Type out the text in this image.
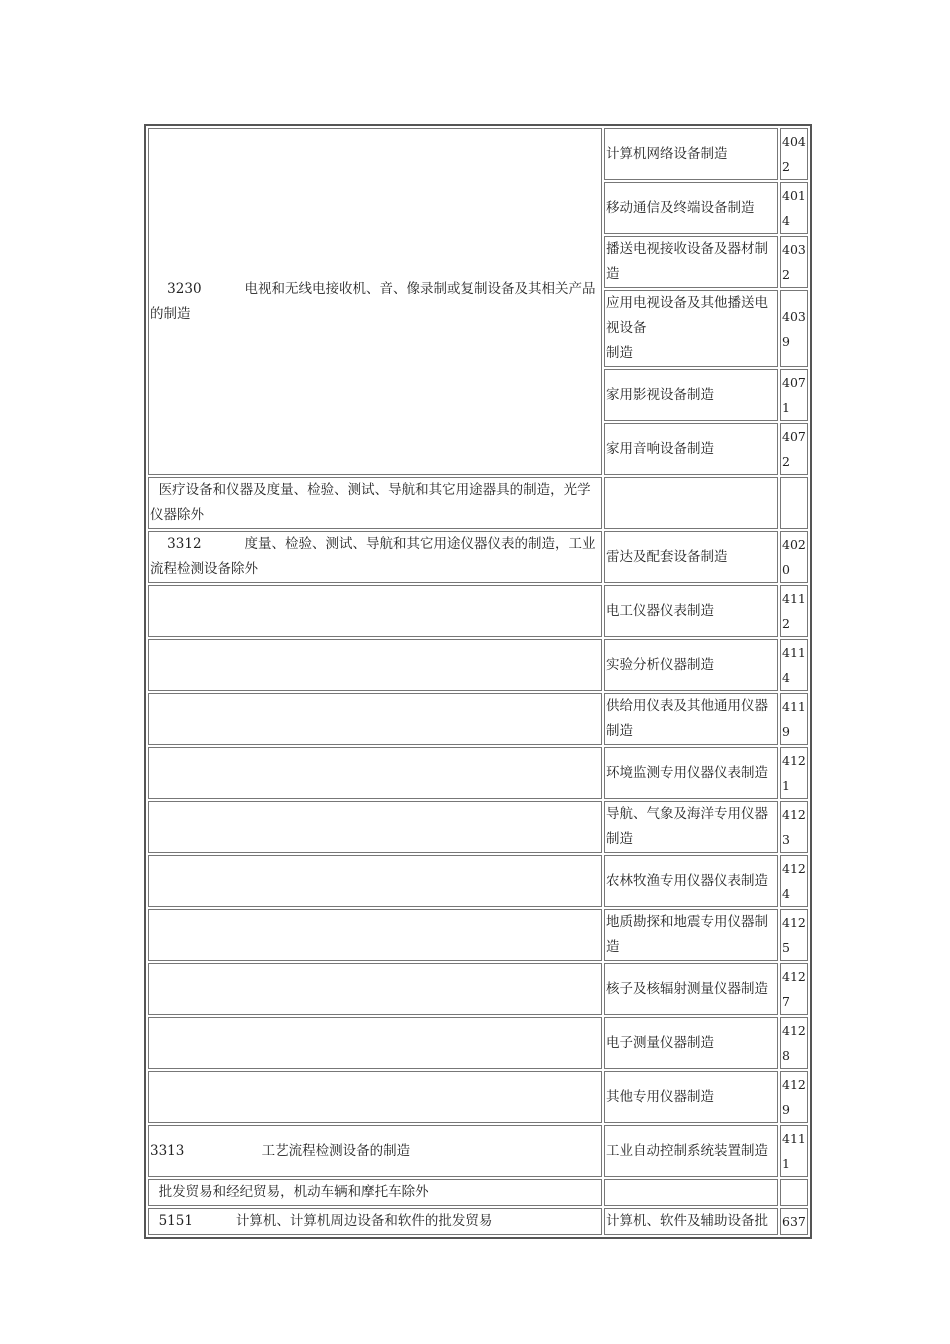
3230          电视和无线电接收机、音、像录制或复制设备及其相关产品的制造	计算机网络设备制造	4042
	移动通信及终端设备制造	4014
	播送电视接收设备及器材制造	4032
	应用电视设备及其他播送电视设备
制造	4039
	家用影视设备制造	4071
	家用音响设备制造	4072
医疗设备和仪器及度量、检验、测试、导航和其它用途器具的制造，光学仪器除外		
3312          度量、检验、测试、导航和其它用途仪器仪表的制造，工业流程检测设备除外	雷达及配套设备制造	4020
	电工仪器仪表制造	4112
	实验分析仪器制造	4114
	供给用仪表及其他通用仪器制造	4119
	环境监测专用仪器仪表制造	4121
	导航、气象及海洋专用仪器制造	4123
	农林牧渔专用仪器仪表制造	4124
	地质勘探和地震专用仪器制造	4125
	核子及核辐射测量仪器制造	4127
	电子测量仪器制造	4128
	其他专用仪器制造	4129
3313                  工艺流程检测设备的制造	工业自动控制系统装置制造	4111
批发贸易和经纪贸易，机动车辆和摩托车除外		
5151          计算机、计算机周边设备和软件的批发贸易	计算机、软件及辅助设备批	637
